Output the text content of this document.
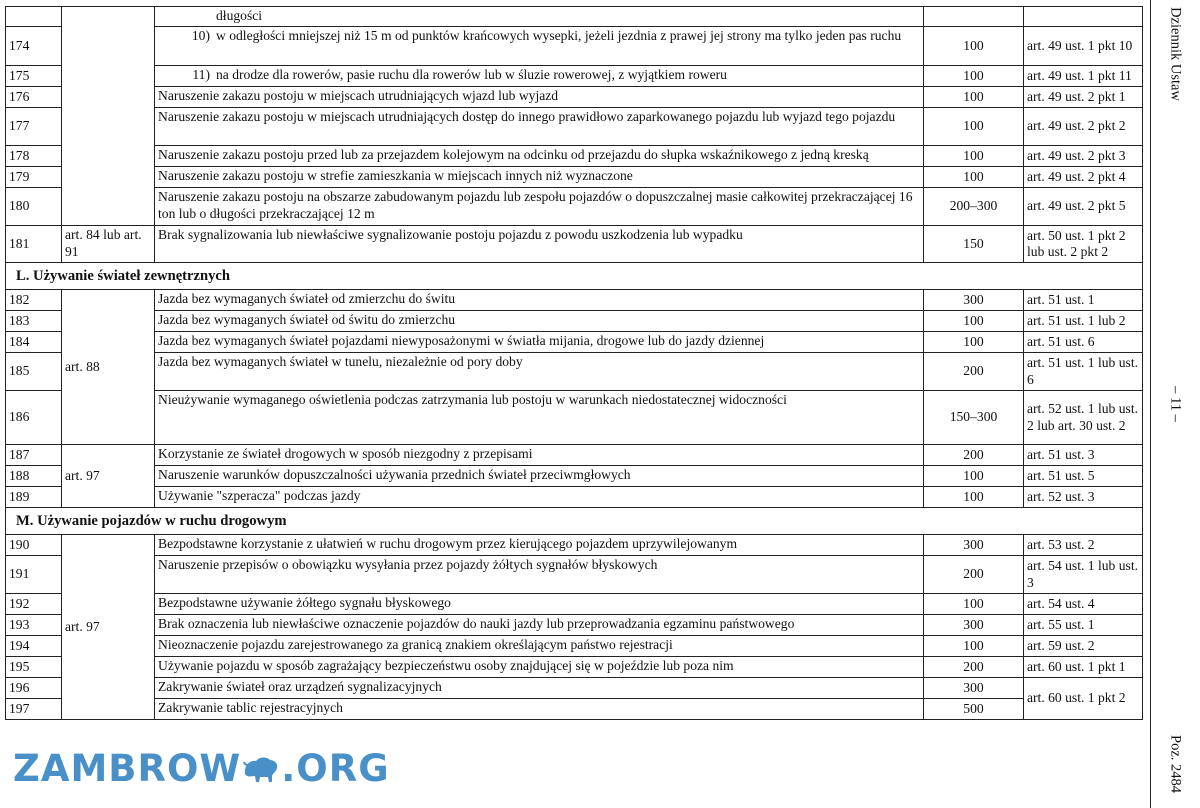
		długości		

174		10) w odległości mniejszej niż 15 m od punktów krańcowych wysepki, jeżeli jezdnia z prawej jej strony ma tylko jeden pas ruchu	100	art. 49 ust. 1 pkt 10
175		11) na drodze dla rowerów, pasie ruchu dla rowerów lub w śluzie rowerowej, z wyjątkiem roweru	100	art. 49 ust. 1 pkt 11
176		Naruszenie zakazu postoju w miejscach utrudniających wjazd lub wyjazd	100	art. 49 ust. 2 pkt 1
177		Naruszenie zakazu postoju w miejscach utrudniających dostęp do innego prawidłowo zaparkowanego pojazdu lub wyjazd tego pojazdu	100	art. 49 ust. 2 pkt 2
178		Naruszenie zakazu postoju przed lub za przejazdem kolejowym na odcinku od przejazdu do słupka wskaźnikowego z jedną kreską	100	art. 49 ust. 2 pkt 3
179		Naruszenie zakazu postoju w strefie zamieszkania w miejscach innych niż wyznaczone	100	art. 49 ust. 2 pkt 4
180		Naruszenie zakazu postoju na obszarze zabudowanym pojazdu lub zespołu pojazdów o dopuszczalnej masie całkowitej przekraczającej 16 ton lub o długości przekraczającej 12 m	200–300	art. 49 ust. 2 pkt 5
181	art. 84 lub art. 91	Brak sygnalizowania lub niewłaściwe sygnalizowanie postoju pojazdu z powodu uszkodzenia lub wypadku	150	art. 50 ust. 1 pkt 2 lub ust. 2 pkt 2
L. Używanie świateł zewnętrznych				
182	art. 88	Jazda bez wymaganych świateł od zmierzchu do świtu	300	art. 51 ust. 1
183		Jazda bez wymaganych świateł od świtu do zmierzchu	100	art. 51 ust. 1 lub 2
184		Jazda bez wymaganych świateł pojazdami niewyposażonymi w światła mijania, drogowe lub do jazdy dziennej	100	art. 51 ust. 6
185		Jazda bez wymaganych świateł w tunelu, niezależnie od pory doby	200	art. 51 ust. 1 lub ust. 6
186		Nieużywanie wymaganego oświetlenia podczas zatrzymania lub postoju w warunkach niedostatecznej widoczności	150–300	art. 52 ust. 1 lub ust. 2 lub art. 30 ust. 2
187	art. 97	Korzystanie ze świateł drogowych w sposób niezgodny z przepisami	200	art. 51 ust. 3
188		Naruszenie warunków dopuszczalności używania przednich świateł przeciwmgłowych	100	art. 51 ust. 5
189		Używanie "szperacza" podczas jazdy	100	art. 52 ust. 3
M. Używanie pojazdów w ruchu drogowym				
190	art. 97	Bezpodstawne korzystanie z ułatwień w ruchu drogowym przez kierującego pojazdem uprzywilejowanym	300	art. 53 ust. 2
191		Naruszenie przepisów o obowiązku wysyłania przez pojazdy żółtych sygnałów błyskowych	200	art. 54 ust. 1 lub ust. 3
192		Bezpodstawne używanie żółtego sygnału błyskowego	100	art. 54 ust. 4
193		Brak oznaczenia lub niewłaściwe oznaczenie pojazdów do nauki jazdy lub przeprowadzania egzaminu państwowego	300	art. 55 ust. 1
194		Nieoznaczenie pojazdu zarejestrowanego za granicą znakiem określającym państwo rejestracji	100	art. 59 ust. 2
195		Używanie pojazdu w sposób zagrażający bezpieczeństwu osoby znajdującej się w pojeździe lub poza nim	200	art. 60 ust. 1 pkt 1
196		Zakrywanie świateł oraz urządzeń sygnalizacyjnych	300	art. 60 ust. 1 pkt 2
197		Zakrywanie tablic rejestracyjnych	500	
Dziennik Ustaw
– 11 –
Poz. 2484
ZAMBROW .ORG
